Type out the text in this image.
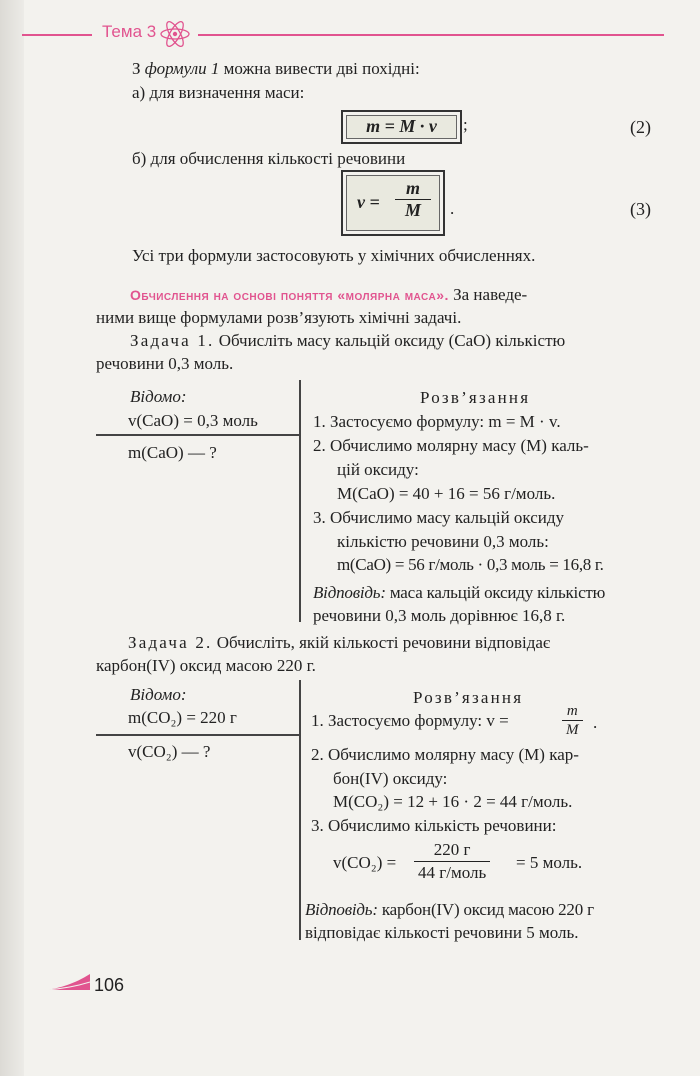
Тема 3
З формули 1 можна вивести дві похідні:
а) для визначення маси:
m = M · v	;	(2)
б) для обчислення кількості речовини
$v = \frac{m}{M}$ .	(3)
Усі три формули застосовують у хімічних обчисленнях.
Обчислення на основі поняття «молярна маса». За наведе-
ними вище формулами розв’язують хімічні задачі.
Задача 1. Обчисліть масу кальцій оксиду (CaO) кількістю
речовини 0,3 моль.
Відомо:
v(CaO) = 0,3 моль
m(CaO) — ?
Розв’язання
1. Застосуємо формулу: m = M · v.
2. Обчислимо молярну масу (M) каль-
цій оксиду:
M(CaO) = 40 + 16 = 56 г/моль.
3. Обчислимо масу кальцій оксиду
кількістю речовини 0,3 моль:
m(CaO) = 56 г/моль · 0,3 моль = 16,8 г.
Відповідь: маса кальцій оксиду кількістю
речовини 0,3 моль дорівнює 16,8 г.
Задача 2. Обчисліть, якій кількості речовини відповідає
карбон(IV) оксид масою 220 г.
Відомо:
m(CO₂) = 220 г
v(CO₂) — ?
Розв’язання
1. Застосуємо формулу: v =	$\frac{m}{M}$ .
2. Обчислимо молярну масу (M) кар-
бон(IV) оксиду:
M(CO₂) = 12 + 16 · 2 = 44 г/моль.
3. Обчислимо кількість речовини:
v(CO₂) =
220 г
44 г/моль
= 5 моль.
Відповідь: карбон(IV) оксид масою 220 г
відповідає кількості речовини 5 моль.
106
